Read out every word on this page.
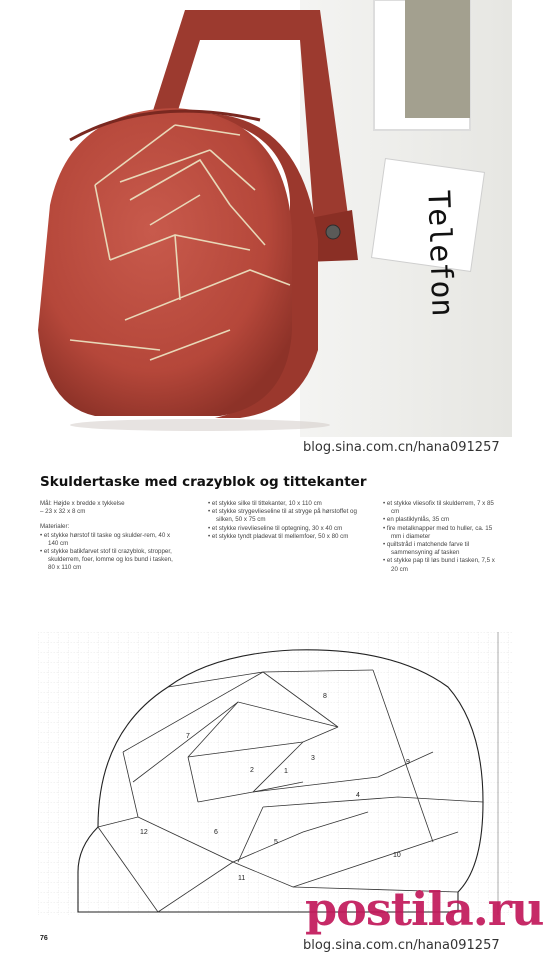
Telefon
blog.sina.com.cn/hana091257
Skuldertaske med crazyblok og tittekanter

Mål: Højde x bredde x tykkelse

– 23 x 32 x 8 cm

Materialer:

• et stykke hørstof til taske og skulder-rem, 40 x 140 cm

• et stykke batikfarvet stof til crazyblok, stropper, skulderrem, foer, lomme og los bund i tasken, 80 x 110 cm

• et stykke silke til tittekanter, 10 x 110 cm

• et stykke strygevlieseline til at stryge på hørstoffet og silken, 50 x 75 cm

• et stykke rivevlieseline til optegning, 30 x 40 cm

• et stykke tyndt pladevat til mellemfoer, 50 x 80 cm

• et stykke vliesofix til skulderrem, 7 x 85 cm

• en plastiklynlås, 35 cm

• fire metalknapper med to huller, ca. 15 mm i diameter

• quiltstråd i matchende farve til sammensyning af tasken

• et stykke pap til løs bund i tasken, 7,5 x 20 cm

1
2
3
4
5
6
7
8
9
10
11
12
postila.ru
76	blog.sina.com.cn/hana091257
